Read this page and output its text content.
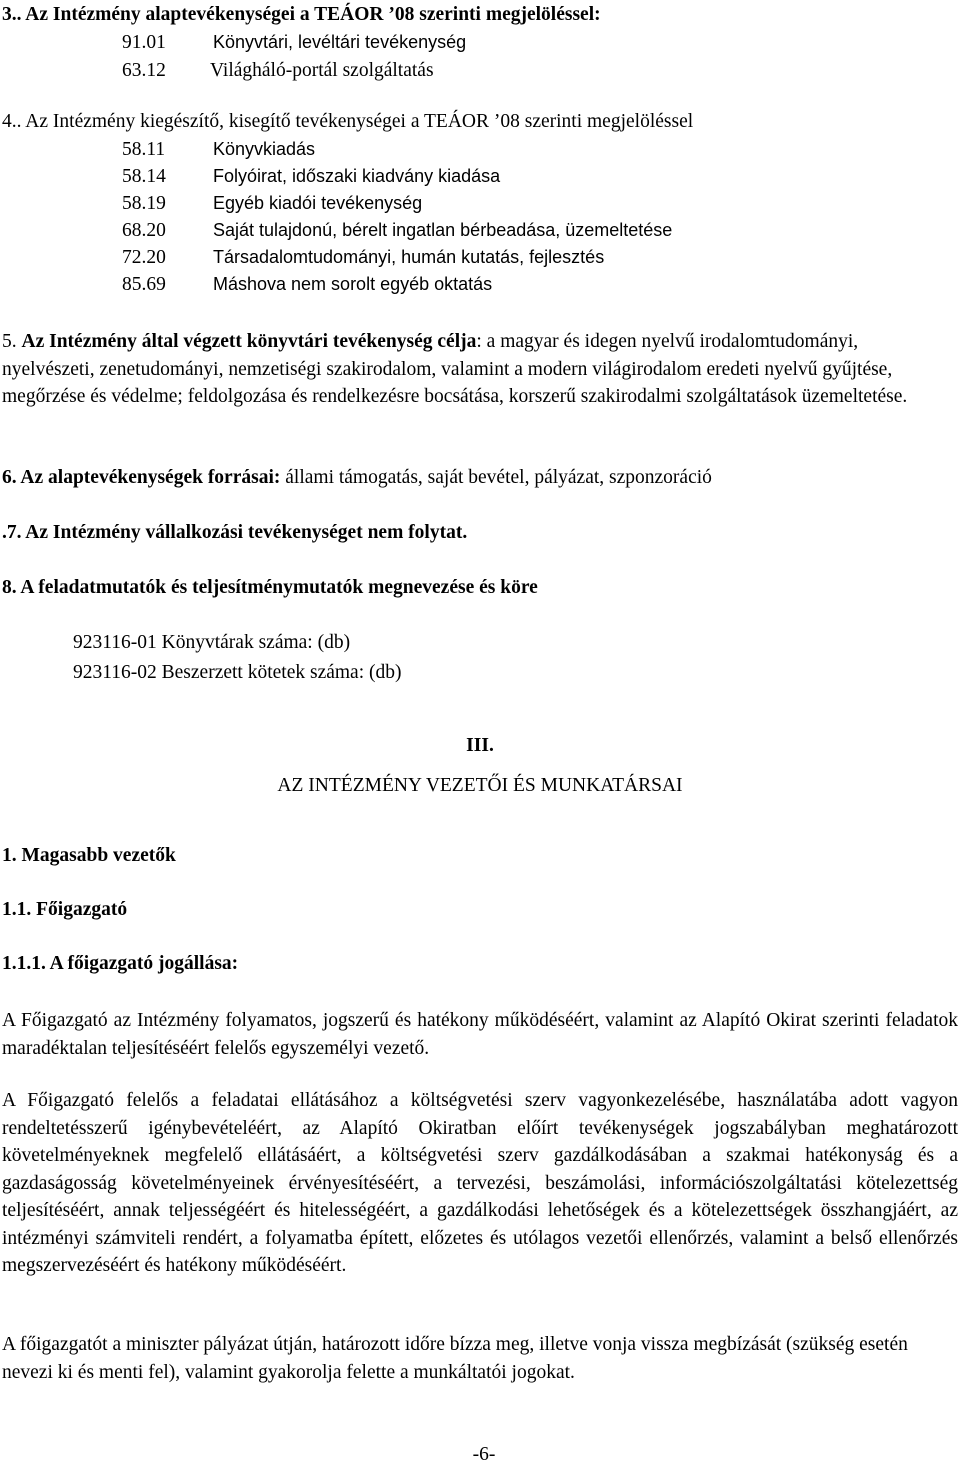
3.. Az Intézmény alaptevékenységei a TEÁOR ’08 szerinti megjelöléssel:
91.01	Könyvtári, levéltári tevékenység
63.12 Világháló-portál szolgáltatás
4.. Az Intézmény kiegészítő, kisegítő tevékenységei a TEÁOR ’08 szerinti megjelöléssel
58.11	Könyvkiadás
58.14	Folyóirat, időszaki kiadvány kiadása
58.19	Egyéb kiadói tevékenység
68.20	Saját tulajdonú, bérelt ingatlan bérbeadása, üzemeltetése
72.20	Társadalomtudományi, humán kutatás, fejlesztés
85.69	Máshova nem sorolt egyéb oktatás
5. Az Intézmény által végzett könyvtári tevékenység célja: a magyar és idegen nyelvű irodalomtudományi, nyelvészeti, zenetudományi, nemzetiségi szakirodalom, valamint a modern világirodalom eredeti nyelvű gyűjtése, megőrzése és védelme; feldolgozása és rendelkezésre bocsátása, korszerű szakirodalmi szolgáltatások üzemeltetése.
6. Az alaptevékenységek forrásai: állami támogatás, saját bevétel, pályázat, szponzoráció
.7. Az Intézmény vállalkozási tevékenységet nem folytat.
8. A feladatmutatók és teljesítménymutatók megnevezése és köre
923116-01 Könyvtárak száma: (db)
923116-02 Beszerzett kötetek száma: (db)
III.
AZ INTÉZMÉNY VEZETŐI ÉS MUNKATÁRSAI
1. Magasabb vezetők
1.1. Főigazgató
1.1.1. A főigazgató jogállása:
A Főigazgató az Intézmény folyamatos, jogszerű és hatékony működéséért, valamint az Alapító Okirat szerinti feladatok maradéktalan teljesítéséért felelős egyszemélyi vezető.
A Főigazgató felelős a feladatai ellátásához a költségvetési szerv vagyonkezelésébe, használatába adott vagyon rendeltetésszerű igénybevételéért, az Alapító Okiratban előírt tevékenységek jogszabályban meghatározott követelményeknek megfelelő ellátásáért, a költségvetési szerv gazdálkodásában a szakmai hatékonyság és a gazdaságosság követelményeinek érvényesítéséért, a tervezési, beszámolási, információszolgáltatási kötelezettség teljesítéséért, annak teljességéért és hitelességéért, a gazdálkodási lehetőségek és a kötelezettségek összhangjáért, az intézményi számviteli rendért, a folyamatba épített, előzetes és utólagos vezetői ellenőrzés, valamint a belső ellenőrzés megszervezéséért és hatékony működéséért.
A főigazgatót a miniszter pályázat útján, határozott időre bízza meg, illetve vonja vissza megbízását (szükség esetén nevezi ki és menti fel), valamint gyakorolja felette a munkáltatói jogokat.
-6-
